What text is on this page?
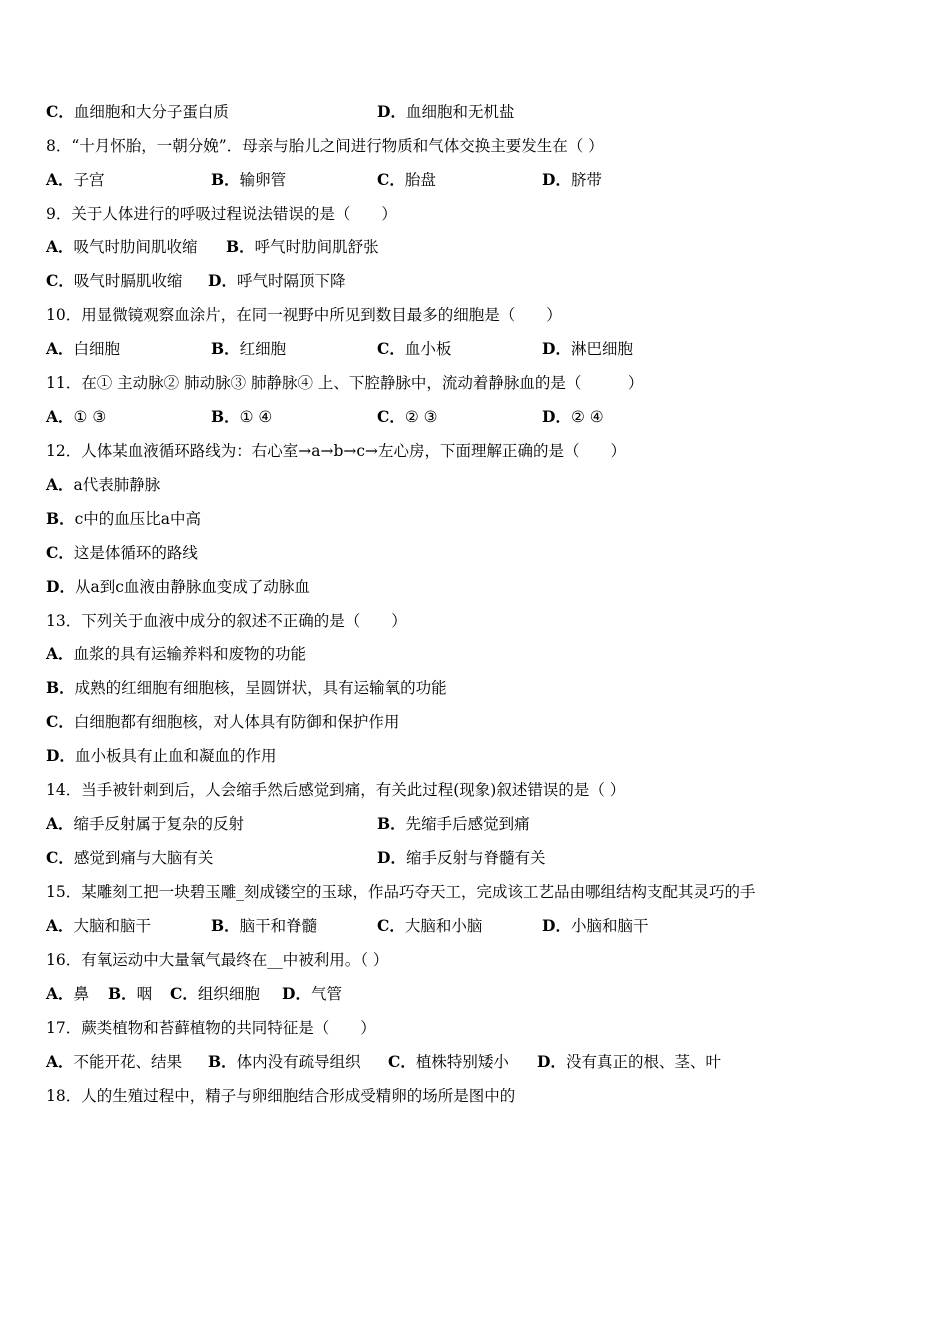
C．血细胞和大分子蛋白质	D．血细胞和无机盐
8．“十月怀胎，一朝分娩”．母亲与胎儿之间进行物质和气体交换主要发生在（ ）
A．子宫	B．输卵管	C．胎盘	D．脐带
9．关于人体进行的呼吸过程说法错误的是（　　）
A．吸气时肋间肌收缩 B．呼气时肋间肌舒张
C．吸气时膈肌收缩 D．呼气时隔顶下降
10．用显微镜观察血涂片，在同一视野中所见到数目最多的细胞是（　　）
A．白细胞	B．红细胞	C．血小板	D．淋巴细胞
11．在① 主动脉② 肺动脉③ 肺静脉④ 上、下腔静脉中，流动着静脉血的是（　　　）
A．① ③	B．① ④	C．② ③	D．② ④
12．人体某血液循环路线为：右心室→a→b→c→左心房，下面理解正确的是（　　）
A．a代表肺静脉
B．c中的血压比a中高
C．这是体循环的路线
D．从a到c血液由静脉血变成了动脉血
13．下列关于血液中成分的叙述不正确的是（　　）
A．血浆的具有运输养料和废物的功能
B．成熟的红细胞有细胞核，呈圆饼状，具有运输氧的功能
C．白细胞都有细胞核，对人体具有防御和保护作用
D．血小板具有止血和凝血的作用
14．当手被针刺到后，人会缩手然后感觉到痛，有关此过程(现象)叙述错误的是（ ）
A．缩手反射属于复杂的反射	B．先缩手后感觉到痛
C．感觉到痛与大脑有关	D．缩手反射与脊髓有关
15．某雕刻工把一块碧玉雕_刻成镂空的玉球，作品巧夺天工，完成该工艺品由哪组结构支配其灵巧的手
A．大脑和脑干	B．脑干和脊髓	C．大脑和小脑	D．小脑和脑干
16．有氧运动中大量氧气最终在__中被利用。（ ）
A．鼻 B．咽 C．组织细胞 D．气管
17．蕨类植物和苔藓植物的共同特征是（　　）
A．不能开花、结果 B．体内没有疏导组织 C．植株特别矮小 D．没有真正的根、茎、叶
18．人的生殖过程中，精子与卵细胞结合形成受精卵的场所是图中的
